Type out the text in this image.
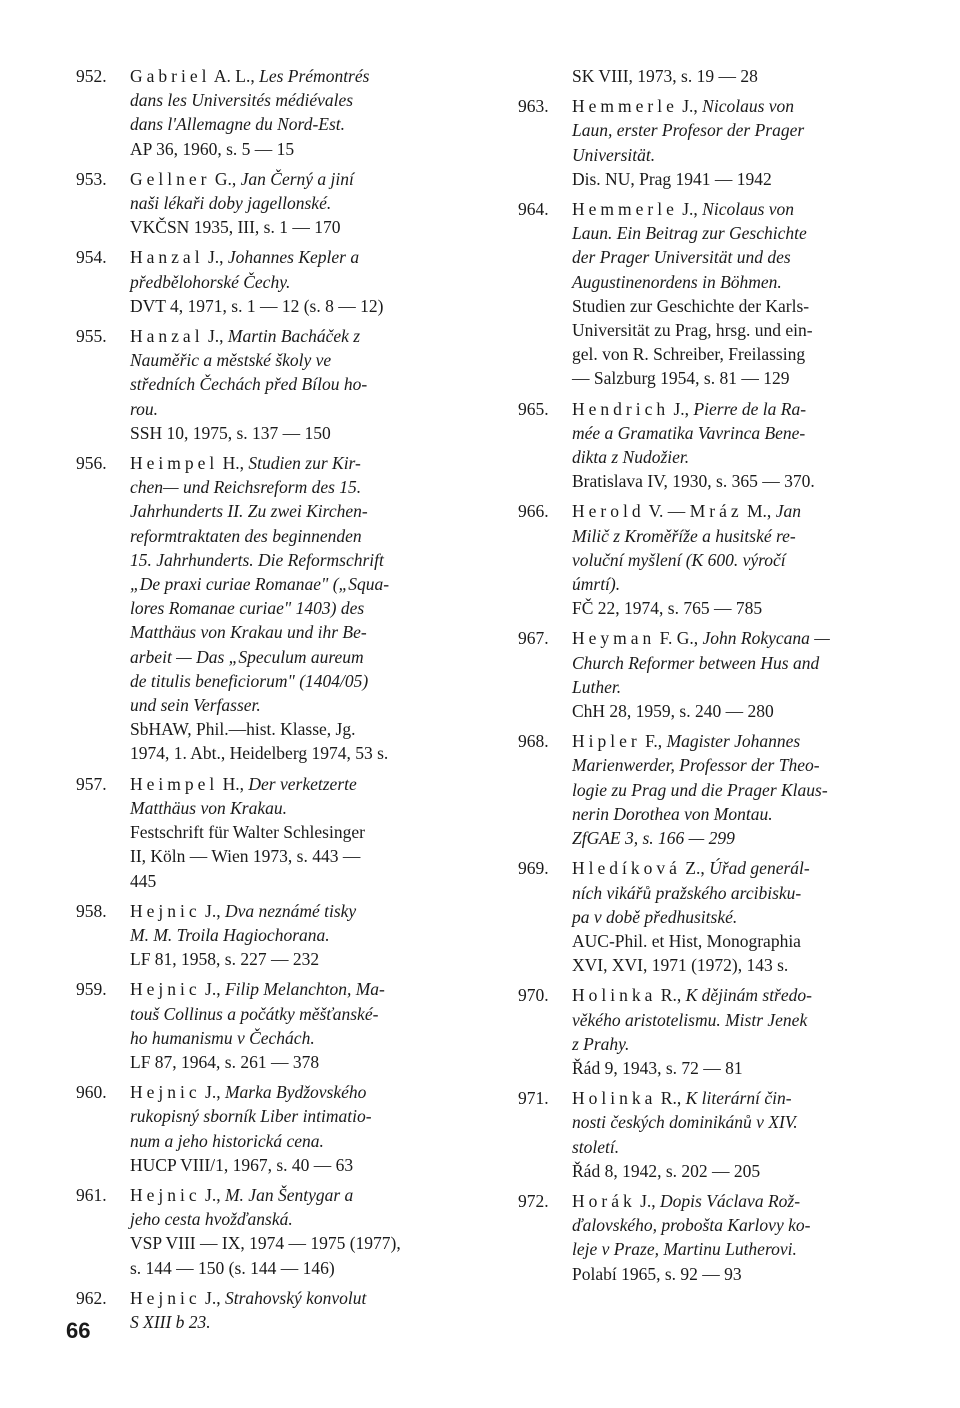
952.	Gabriel A. L., Les Prémontrés
dans les Universités médiévales
dans l'Allemagne du Nord-Est.
AP 36, 1960, s. 5 — 15
953.	Gellner G., Jan Černý a jiní
naši lékaři doby jagellonské.
VKČSN 1935, III, s. 1 — 170
954.	Hanzal J., Johannes Kepler a
předbělohorské Čechy.
DVT 4, 1971, s. 1 — 12 (s. 8 — 12)
955.	Hanzal J., Martin Bacháček z
Nauměřic a městské školy ve
středních Čechách před Bílou ho-
rou.
SSH 10, 1975, s. 137 — 150
956.	Heimpel H., Studien zur Kir-
chen— und Reichsreform des 15.
Jahrhunderts II. Zu zwei Kirchen-
reformtraktaten des beginnenden
15. Jahrhunderts. Die Reformschrift
„De praxi curiae Romanae" („Squa-
lores Romanae curiae" 1403) des
Matthäus von Krakau und ihr Be-
arbeit — Das „Speculum aureum
de titulis beneficiorum" (1404/05)
und sein Verfasser.
SbHAW, Phil.—hist. Klasse, Jg.
1974, 1. Abt., Heidelberg 1974, 53 s.
957.	Heimpel H., Der verketzerte
Matthäus von Krakau.
Festschrift für Walter Schlesinger
II, Köln — Wien 1973, s. 443 —
445
958.	Hejnic J., Dva neznámé tisky
M. M. Troila Hagiochorana.
LF 81, 1958, s. 227 — 232
959.	Hejnic J., Filip Melanchton, Ma-
touš Collinus a počátky měšťanské-
ho humanismu v Čechách.
LF 87, 1964, s. 261 — 378
960.	Hejnic J., Marka Bydžovského
rukopisný sborník Liber intimatio-
num a jeho historická cena.
HUCP VIII/1, 1967, s. 40 — 63
961.	Hejnic J., M. Jan Šentygar a
jeho cesta hvožďanská.
VSP VIII — IX, 1974 — 1975 (1977),
s. 144 — 150 (s. 144 — 146)
962.	Hejnic J., Strahovský konvolut
S XIII b 23.
SK VIII, 1973, s. 19 — 28
963.	Hemmerle J., Nicolaus von
Laun, erster Profesor der Prager
Universität.
Dis. NU, Prag 1941 — 1942
964.	Hemmerle J., Nicolaus von
Laun. Ein Beitrag zur Geschichte
der Prager Universität und des
Augustinenordens in Böhmen.
Studien zur Geschichte der Karls-
Universität zu Prag, hrsg. und ein-
gel. von R. Schreiber, Freilassing
— Salzburg 1954, s. 81 — 129
965.	Hendrich J., Pierre de la Ra-
mée a Gramatika Vavrinca Bene-
dikta z Nudožier.
Bratislava IV, 1930, s. 365 — 370.
966.	Herold V. — Mráz M., Jan
Milič z Kroměříže a husitské re-
voluční myšlení (K 600. výročí
úmrtí).
FČ 22, 1974, s. 765 — 785
967.	Heyman F. G., John Rokycana —
Church Reformer between Hus and
Luther.
ChH 28, 1959, s. 240 — 280
968.	Hipler F., Magister Johannes
Marienwerder, Professor der Theo-
logie zu Prag und die Prager Klaus-
nerin Dorothea von Montau.
ZfGAE 3, s. 166 — 299
969.	Hledíková Z., Úřad generál-
ních vikářů pražského arcibisku-
pa v době předhusitské.
AUC-Phil. et Hist, Monographia
XVI, XVI, 1971 (1972), 143 s.
970.	Holinka R., K dějinám středo-
věkého aristotelismu. Mistr Jenek
z Prahy.
Řád 9, 1943, s. 72 — 81
971.	Holinka R., K literární čin-
nosti českých dominikánů v XIV.
století.
Řád 8, 1942, s. 202 — 205
972.	Horák J., Dopis Václava Rož-
ďalovského, probošta Karlovy ko-
leje v Praze, Martinu Lutherovi.
Polabí 1965, s. 92 — 93
66
